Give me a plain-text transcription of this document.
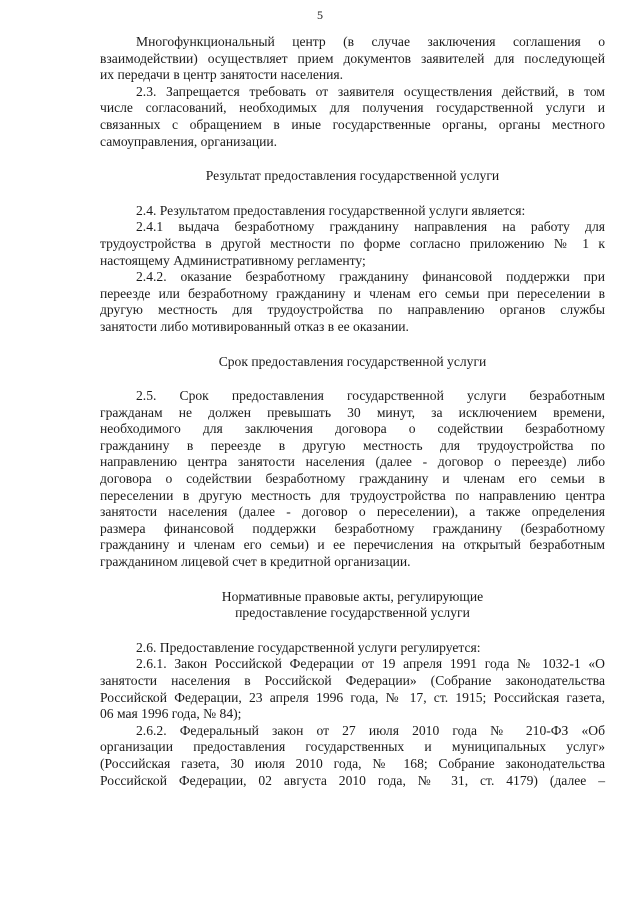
5
Многофункциональный центр (в случае заключения соглашения о
взаимодействии) осуществляет прием документов заявителей для последующей
их передачи в центр занятости населения.
2.3. Запрещается требовать от заявителя осуществления действий, в том
числе согласований, необходимых для получения государственной услуги и
связанных с обращением в иные государственные органы, органы местного
самоуправления, организации.
Результат предоставления государственной услуги
2.4. Результатом предоставления государственной услуги является:
2.4.1 выдача безработному гражданину направления на работу для
трудоустройства в другой местности по форме согласно приложению № 1 к
настоящему Административному регламенту;
2.4.2. оказание безработному гражданину финансовой поддержки при
переезде или безработному гражданину и членам его семьи при переселении в
другую местность для трудоустройства по направлению органов службы
занятости либо мотивированный отказ в ее оказании.
Срок предоставления государственной услуги
2.5. Срок предоставления государственной услуги безработным
гражданам не должен превышать 30 минут, за исключением времени,
необходимого для заключения договора о содействии безработному
гражданину в переезде в другую местность для трудоустройства по
направлению центра занятости населения (далее - договор о переезде) либо
договора о содействии безработному гражданину и членам его семьи в
переселении в другую местность для трудоустройства по направлению центра
занятости населения (далее - договор о переселении), а также определения
размера финансовой поддержки безработному гражданину (безработному
гражданину и членам его семьи) и ее перечисления на открытый безработным
гражданином лицевой счет в кредитной организации.
Нормативные правовые акты, регулирующие
предоставление государственной услуги
2.6. Предоставление государственной услуги регулируется:
2.6.1. Закон Российской Федерации от 19 апреля 1991 года № 1032-1 «О
занятости населения в Российской Федерации» (Собрание законодательства
Российской Федерации, 23 апреля 1996 года, № 17, ст. 1915; Российская газета,
06 мая 1996 года, № 84);
2.6.2. Федеральный закон от 27 июля 2010 года № 210-ФЗ «Об
организации предоставления государственных и муниципальных услуг»
(Российская газета, 30 июля 2010 года, № 168; Собрание законодательства
Российской Федерации, 02 августа 2010 года, № 31, ст. 4179) (далее –
